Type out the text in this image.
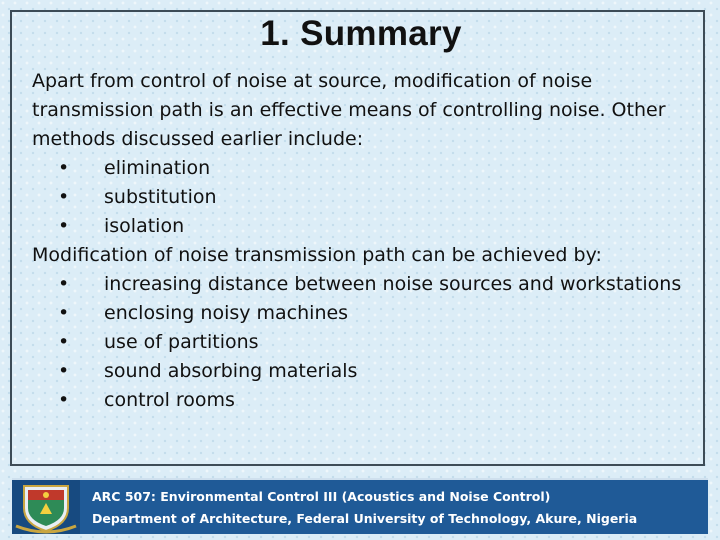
1. Summary

Apart from control of noise at source, modification of noise transmission path is an effective means of controlling noise. Other methods discussed earlier include:

• elimination
• substitution
• isolation

Modification of noise transmission path can be achieved by:

• increasing distance between noise sources and workstations
• enclosing noisy machines
• use of partitions
• sound absorbing materials
• control rooms
ARC 507: Environmental Control III (Acoustics and Noise Control)
Department of Architecture, Federal University of Technology, Akure, Nigeria
